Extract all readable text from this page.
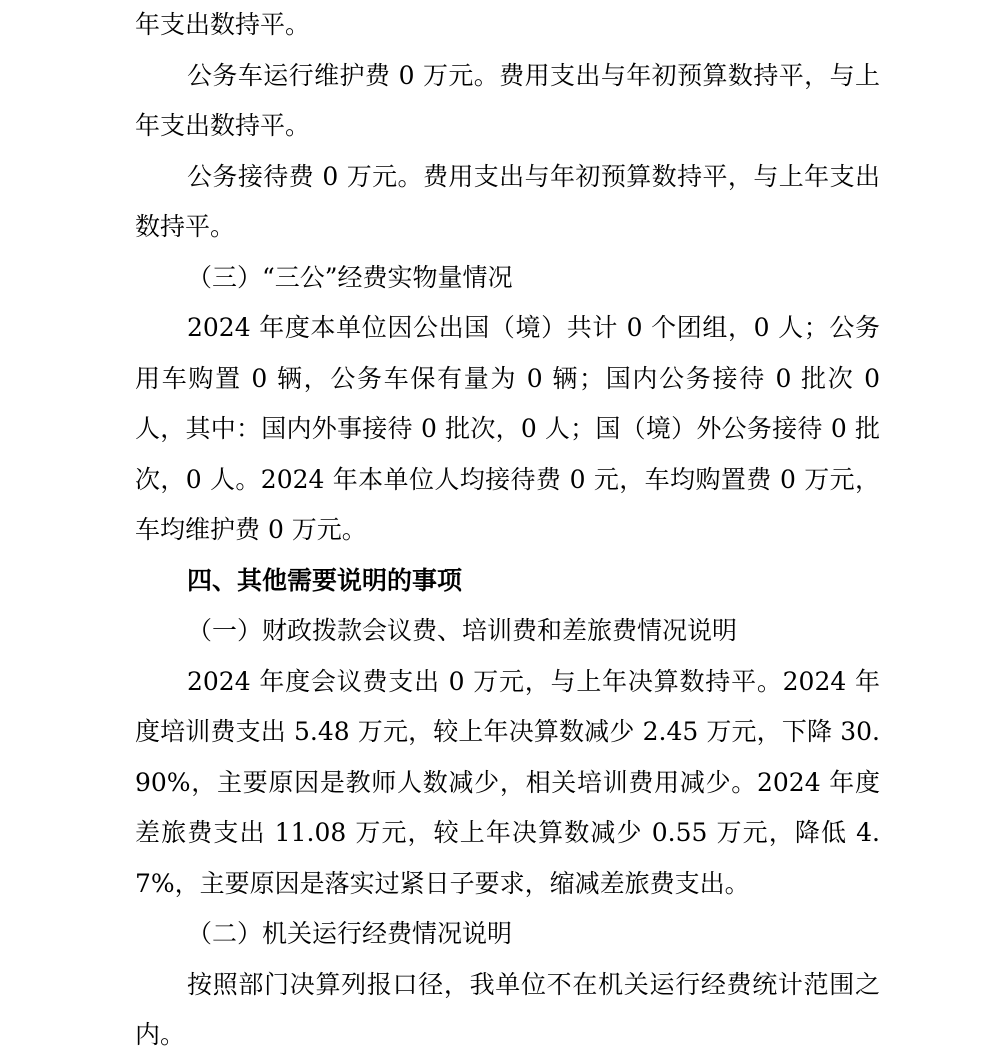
年支出数持平。

公务车运行维护费 0 万元。费用支出与年初预算数持平，与上年支出数持平。

公务接待费 0 万元。费用支出与年初预算数持平，与上年支出数持平。

（三）“三公”经费实物量情况

2024 年度本单位因公出国（境）共计 0 个团组，0 人；公务用车购置 0 辆，公务车保有量为 0 辆；国内公务接待 0 批次 0 人，其中：国内外事接待 0 批次，0 人；国（境）外公务接待 0 批次，0 人。2024 年本单位人均接待费 0 元，车均购置费 0 万元，车均维护费 0 万元。

四、其他需要说明的事项

（一）财政拨款会议费、培训费和差旅费情况说明

2024 年度会议费支出 0 万元，与上年决算数持平。2024 年度培训费支出 5.48 万元，较上年决算数减少 2.45 万元，下降 30.90%，主要原因是教师人数减少，相关培训费用减少。2024 年度差旅费支出 11.08 万元，较上年决算数减少 0.55 万元，降低 4.7%，主要原因是落实过紧日子要求，缩减差旅费支出。

（二）机关运行经费情况说明

按照部门决算列报口径，我单位不在机关运行经费统计范围之内。
